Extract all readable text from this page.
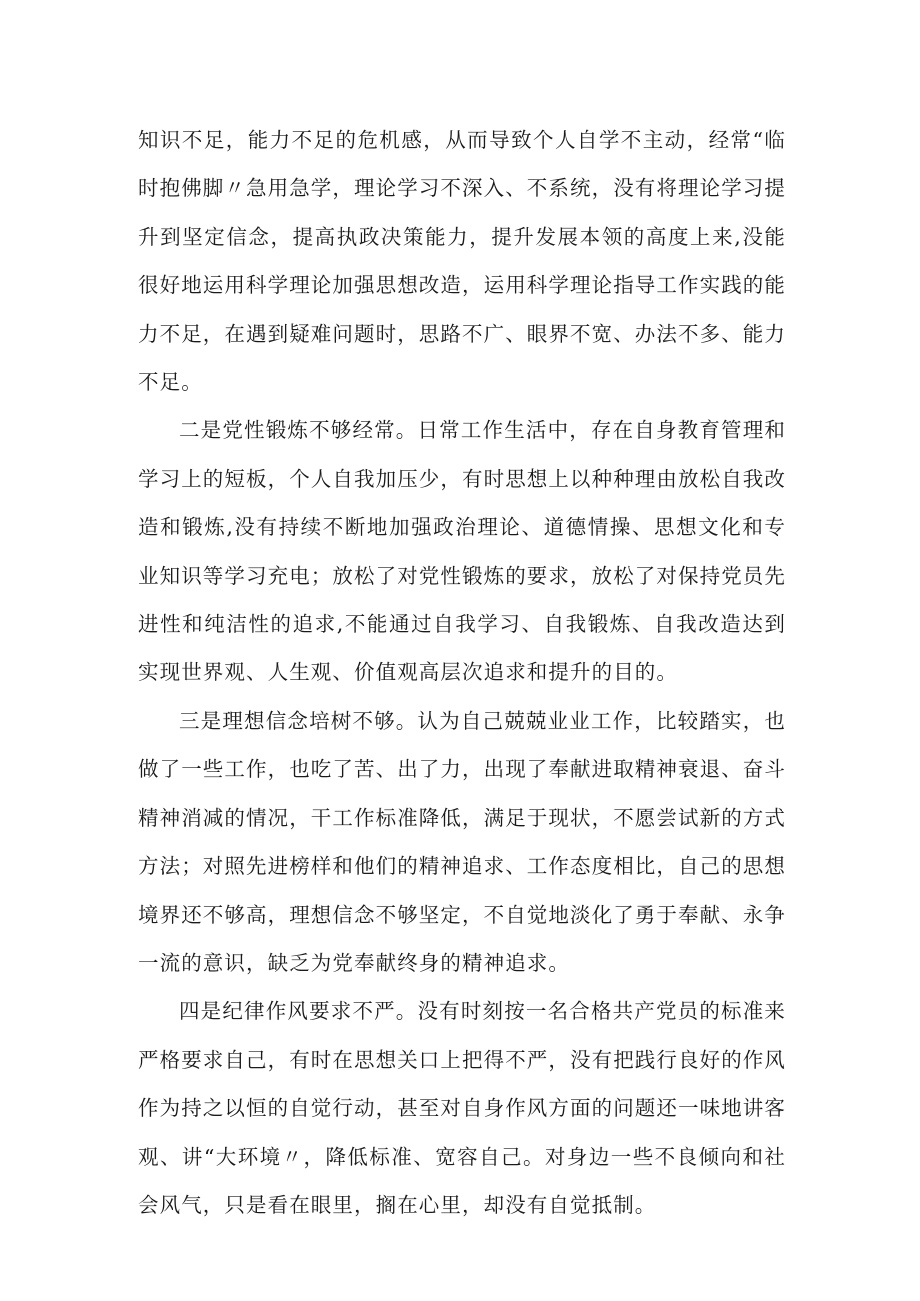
知识不足，能力不足的危机感，从而导致个人自学不主动，经常“临时抱佛脚〃急用急学，理论学习不深入、不系统，没有将理论学习提升到坚定信念，提高执政决策能力，提升发展本领的高度上来,没能很好地运用科学理论加强思想改造，运用科学理论指导工作实践的能力不足，在遇到疑难问题时，思路不广、眼界不宽、办法不多、能力不足。

二是党性锻炼不够经常。日常工作生活中，存在自身教育管理和学习上的短板，个人自我加压少，有时思想上以种种理由放松自我改造和锻炼,没有持续不断地加强政治理论、道德情操、思想文化和专业知识等学习充电；放松了对党性锻炼的要求，放松了对保持党员先进性和纯洁性的追求,不能通过自我学习、自我锻炼、自我改造达到实现世界观、人生观、价值观高层次追求和提升的目的。

三是理想信念培树不够。认为自己兢兢业业工作，比较踏实，也做了一些工作，也吃了苦、出了力，出现了奉献进取精神衰退、奋斗精神消减的情况，干工作标准降低，满足于现状，不愿尝试新的方式方法；对照先进榜样和他们的精神追求、工作态度相比，自己的思想境界还不够高，理想信念不够坚定，不自觉地淡化了勇于奉献、永争一流的意识，缺乏为党奉献终身的精神追求。

四是纪律作风要求不严。没有时刻按一名合格共产党员的标准来严格要求自己，有时在思想关口上把得不严，没有把践行良好的作风作为持之以恒的自觉行动，甚至对自身作风方面的问题还一味地讲客观、讲“大环境〃，降低标准、宽容自己。对身边一些不良倾向和社会风气，只是看在眼里，搁在心里，却没有自觉抵制。
